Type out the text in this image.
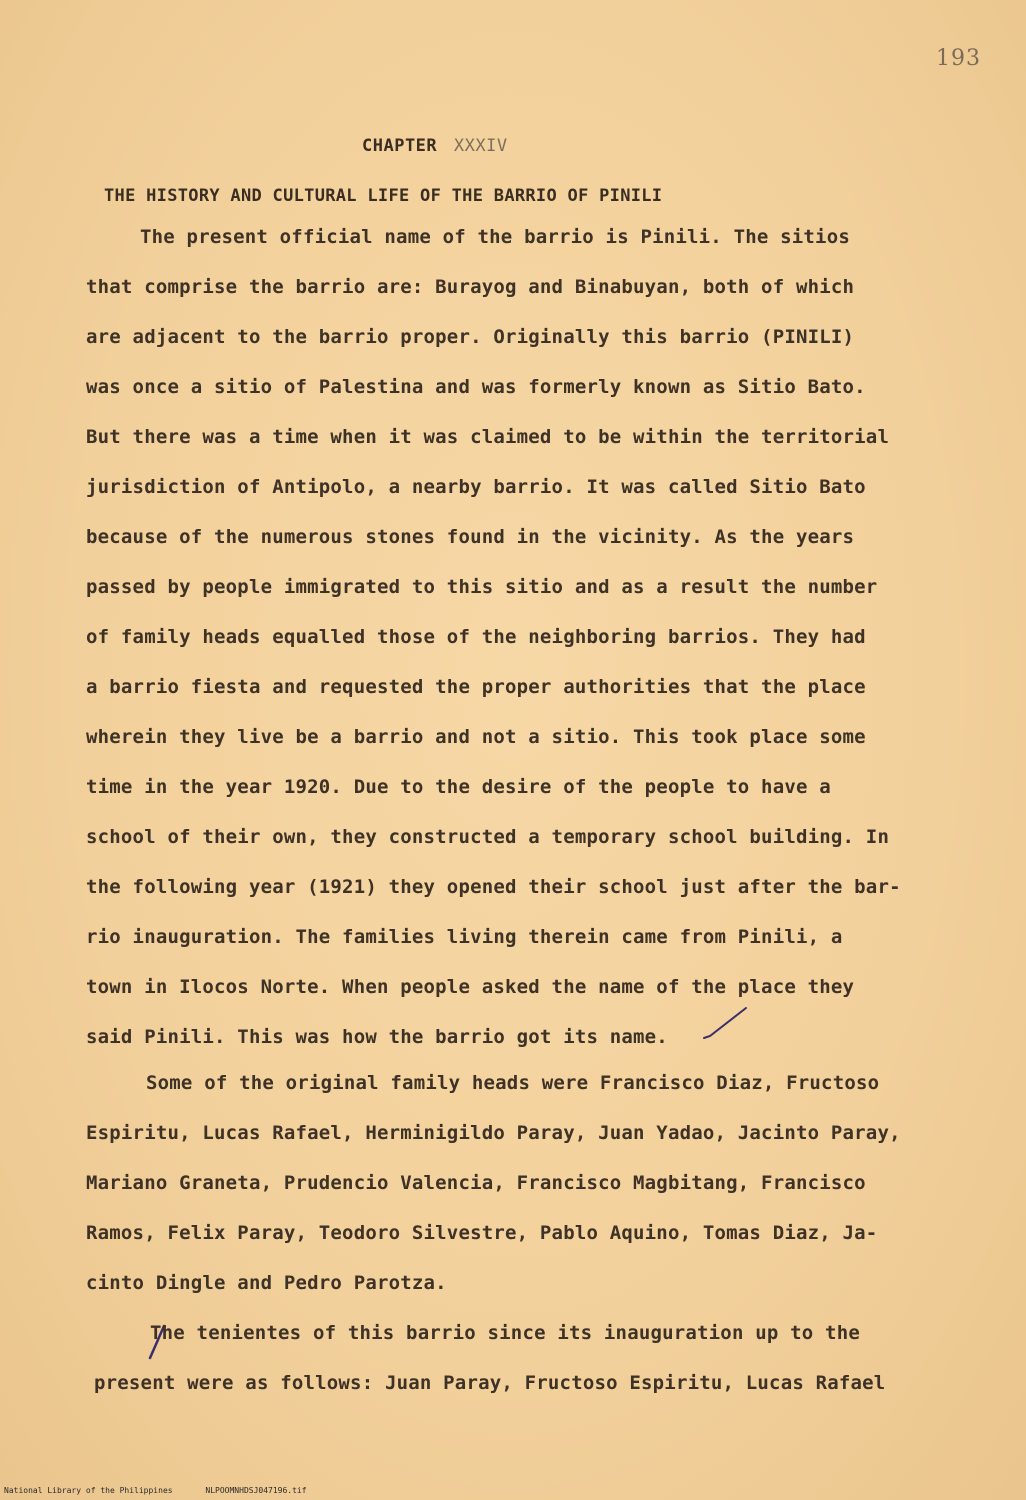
193
CHAPTER XXXIV
THE HISTORY AND CULTURAL LIFE OF THE BARRIO OF PINILI
The present official name of the barrio is Pinili. The sitios
that comprise the barrio are: Burayog and Binabuyan, both of which
are adjacent to the barrio proper. Originally this barrio (PINILI)
was once a sitio of Palestina and was formerly known as Sitio Bato.
But there was a time when it was claimed to be within the territorial
jurisdiction of Antipolo, a nearby barrio. It was called Sitio Bato
because of the numerous stones found in the vicinity. As the years
passed by people immigrated to this sitio and as a result the number
of family heads equalled those of the neighboring barrios. They had
a barrio fiesta and requested the proper authorities that the place
wherein they live be a barrio and not a sitio. This took place some
time in the year 1920. Due to the desire of the people to have a
school of their own, they constructed a temporary school building. In
the following year (1921) they opened their school just after the bar-
rio inauguration. The families living therein came from Pinili, a
town in Ilocos Norte. When people asked the name of the place they
said Pinili. This was how the barrio got its name.
Some of the original family heads were Francisco Diaz, Fructoso
Espiritu, Lucas Rafael, Herminigildo Paray, Juan Yadao, Jacinto Paray,
Mariano Graneta, Prudencio Valencia, Francisco Magbitang, Francisco
Ramos, Felix Paray, Teodoro Silvestre, Pablo Aquino, Tomas Diaz, Ja-
cinto Dingle and Pedro Parotza.
The tenientes of this barrio since its inauguration up to the
present were as follows: Juan Paray, Fructoso Espiritu, Lucas Rafael
National Library of the Philippines	NLPOOMNHDSJ047196.tif
